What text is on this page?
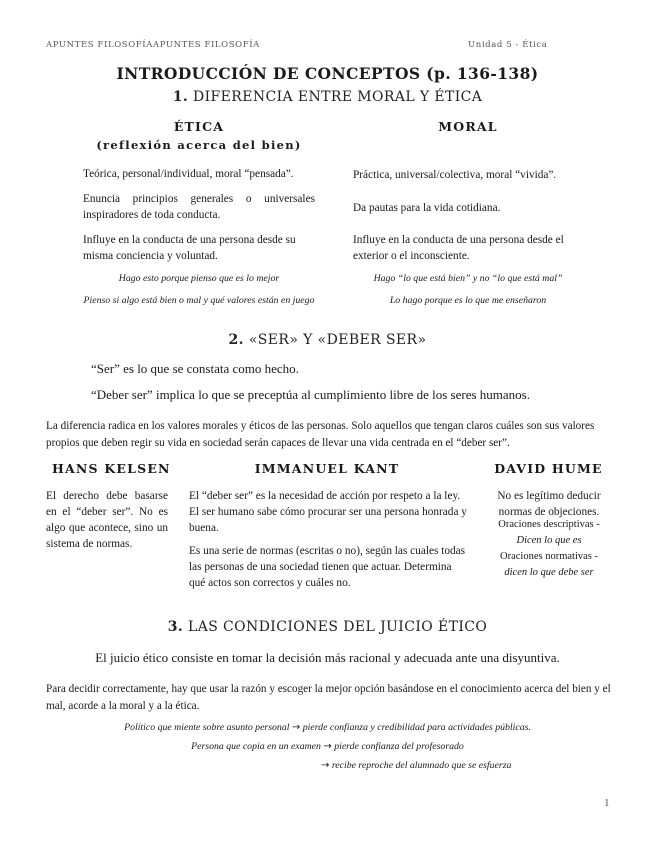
APUNTES FILOSOFÍAAPUNTES FILOSOFÍA	Unidad 5 - Ética
INTRODUCCIÓN DE CONCEPTOS (p. 136-138)
1. DIFERENCIA ENTRE MORAL Y ÉTICA
ÉTICA
(reflexión acerca del bien)
Teórica, personal/individual, moral “pensada”.
Enuncia principios generales o universales inspiradores de toda conducta.
Influye en la conducta de una persona desde su misma conciencia y voluntad.
Hago esto porque pienso que es lo mejor
Pienso si algo está bien o mal y qué valores están en juego
MORAL
Práctica, universal/colectiva, moral “vivida”.
Da pautas para la vida cotidiana.
Influye en la conducta de una persona desde el exterior o el inconsciente.
Hago “lo que está bien” y no “lo que está mal”
Lo hago porque es lo que me enseñaron
2. «SER» Y «DEBER SER»
“Ser” es lo que se constata como hecho.
“Deber ser” implica lo que se preceptúa al cumplimiento libre de los seres humanos.
La diferencia radica en los valores morales y éticos de las personas. Solo aquellos que tengan claros cuáles son sus valores propios que deben regir su vida en sociedad serán capaces de llevar una vida centrada en el “deber ser”.
HANS KELSEN
El derecho debe basarse en el “deber ser”. No es algo que acontece, sino un sistema de normas.
IMMANUEL KANT
El “deber ser” es la necesidad de acción por respeto a la ley. El ser humano sabe cómo procurar ser una persona honrada y buena.
Es una serie de normas (escritas o no), según las cuales todas las personas de una sociedad tienen que actuar. Determina qué actos son correctos y cuáles no.
DAVID HUME
No es legítimo deducir normas de objeciones.
Oraciones descriptivas -
Dicen lo que es
Oraciones normativas -
dicen lo que debe ser
3. LAS CONDICIONES DEL JUICIO ÉTICO
El juicio ético consiste en tomar la decisión más racional y adecuada ante una disyuntiva.
Para decidir correctamente, hay que usar la razón y escoger la mejor opción basándose en el conocimiento acerca del bien y el mal, acorde a la moral y a la ética.
Político que miente sobre asunto personal → pierde confianza y credibilidad para actividades públicas.
Persona que copia en un examen → pierde confianza del profesorado
→ recibe reproche del alumnado que se esfuerza
1
